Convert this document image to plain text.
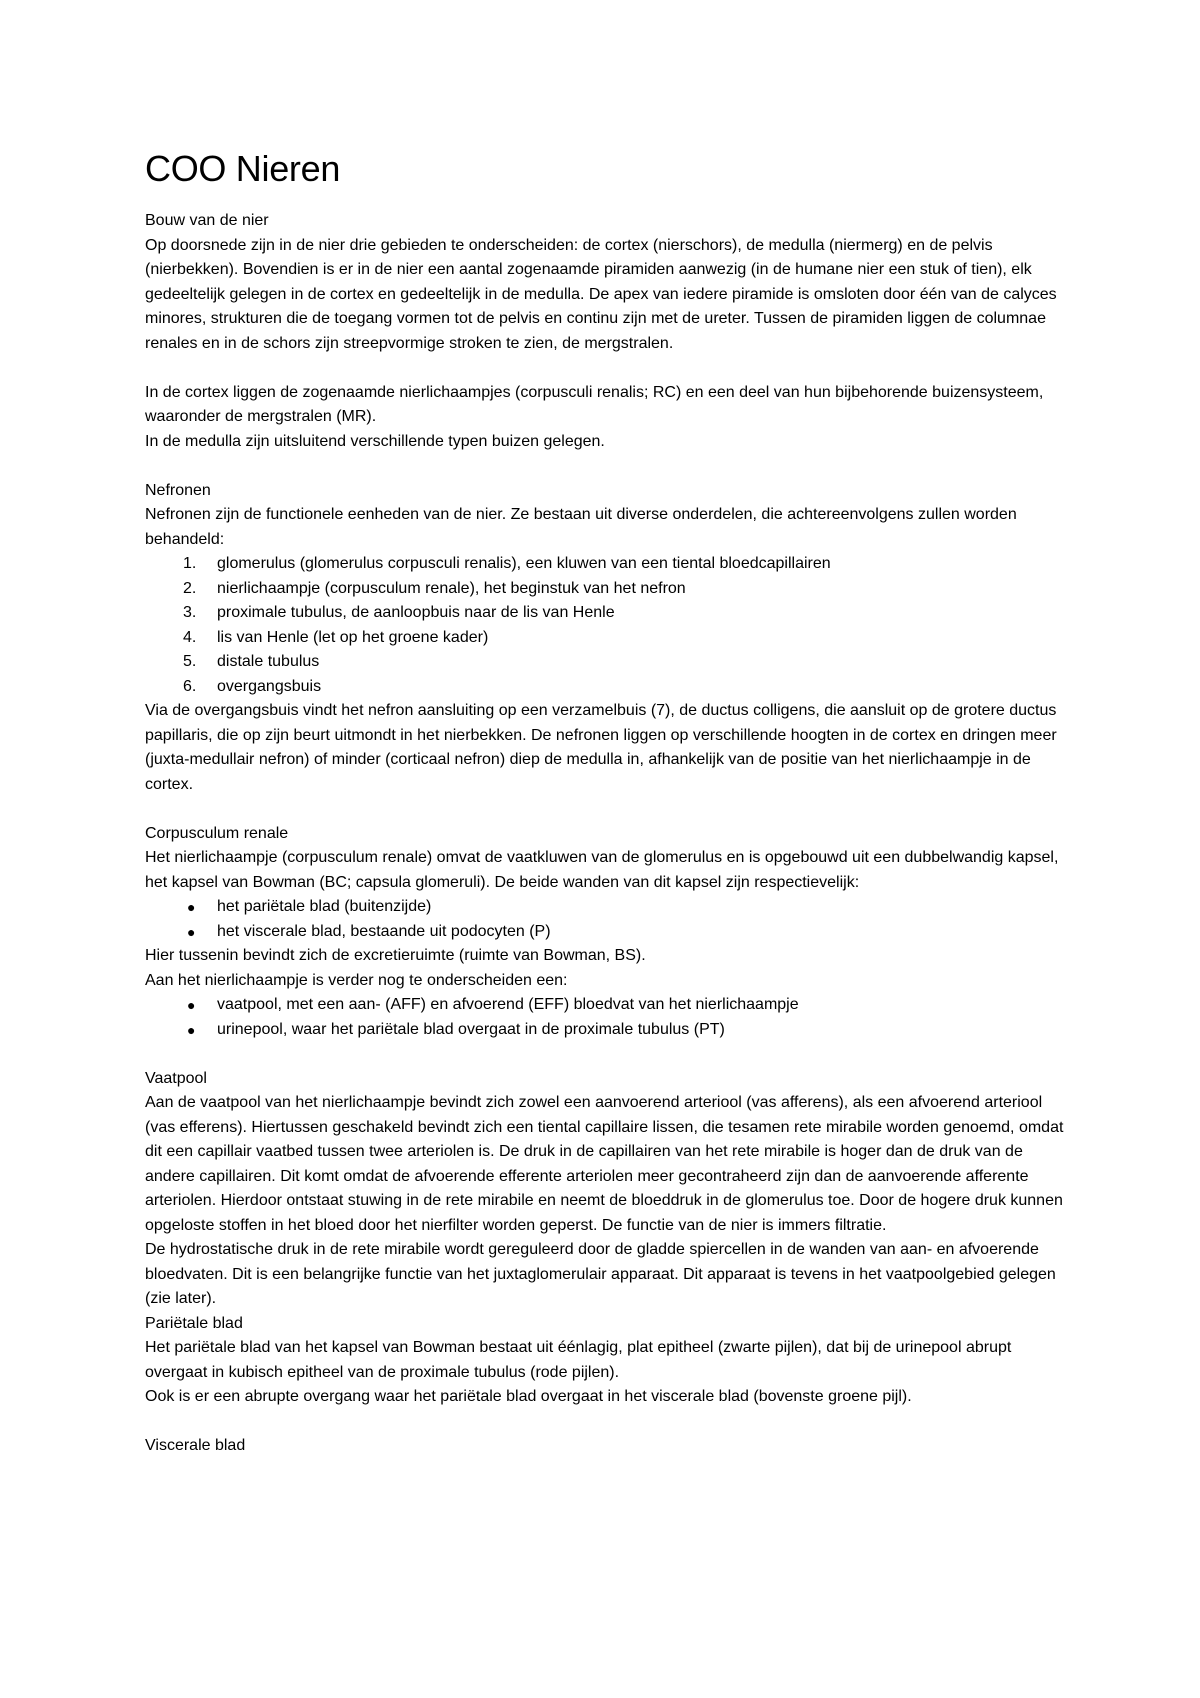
COO Nieren

Bouw van de nier

Op doorsnede zijn in de nier drie gebieden te onderscheiden: de cortex (nierschors), de medulla (niermerg) en de pelvis (nierbekken). Bovendien is er in de nier een aantal zogenaamde piramiden aanwezig (in de humane nier een stuk of tien), elk gedeeltelijk gelegen in de cortex en gedeeltelijk in de medulla. De apex van iedere piramide is omsloten door één van de calyces minores, strukturen die de toegang vormen tot de pelvis en continu zijn met de ureter. Tussen de piramiden liggen de columnae renales en in de schors zijn streepvormige stroken te zien, de mergstralen.

In de cortex liggen de zogenaamde nierlichaampjes (corpusculi renalis; RC) en een deel van hun bijbehorende buizensysteem, waaronder de mergstralen (MR).

In de medulla zijn uitsluitend verschillende typen buizen gelegen.

Nefronen

Nefronen zijn de functionele eenheden van de nier. Ze bestaan uit diverse onderdelen, die achtereenvolgens zullen worden behandeld:

1.	glomerulus (glomerulus corpusculi renalis), een kluwen van een tiental bloedcapillairen
2.	nierlichaampje (corpusculum renale), het beginstuk van het nefron
3.	proximale tubulus, de aanloopbuis naar de lis van Henle
4.	lis van Henle (let op het groene kader)
5.	distale tubulus
6.	overgangsbuis

Via de overgangsbuis vindt het nefron aansluiting op een verzamelbuis (7), de ductus colligens, die aansluit op de grotere ductus papillaris, die op zijn beurt uitmondt in het nierbekken. De nefronen liggen op verschillende hoogten in de cortex en dringen meer (juxta-medullair nefron) of minder (corticaal nefron) diep de medulla in, afhankelijk van de positie van het nierlichaampje in de cortex.

Corpusculum renale

Het nierlichaampje (corpusculum renale) omvat de vaatkluwen van de glomerulus en is opgebouwd uit een dubbelwandig kapsel, het kapsel van Bowman (BC; capsula glomeruli). De beide wanden van dit kapsel zijn respectievelijk:

● het pariëtale blad (buitenzijde)
● het viscerale blad, bestaande uit podocyten (P)

Hier tussenin bevindt zich de excretieruimte (ruimte van Bowman, BS).

Aan het nierlichaampje is verder nog te onderscheiden een:

● vaatpool, met een aan- (AFF) en afvoerend (EFF) bloedvat van het nierlichaampje
● urinepool, waar het pariëtale blad overgaat in de proximale tubulus (PT)

Vaatpool

Aan de vaatpool van het nierlichaampje bevindt zich zowel een aanvoerend arteriool (vas afferens), als een afvoerend arteriool (vas efferens). Hiertussen geschakeld bevindt zich een tiental capillaire lissen, die tesamen rete mirabile worden genoemd, omdat dit een capillair vaatbed tussen twee arteriolen is. De druk in de capillairen van het rete mirabile is hoger dan de druk van de andere capillairen. Dit komt omdat de afvoerende efferente arteriolen meer gecontraheerd zijn dan de aanvoerende afferente arteriolen. Hierdoor ontstaat stuwing in de rete mirabile en neemt de bloeddruk in de glomerulus toe. Door de hogere druk kunnen opgeloste stoffen in het bloed door het nierfilter worden geperst. De functie van de nier is immers filtratie.

De hydrostatische druk in de rete mirabile wordt gereguleerd door de gladde spiercellen in de wanden van aan- en afvoerende bloedvaten. Dit is een belangrijke functie van het juxtaglomerulair apparaat. Dit apparaat is tevens in het vaatpoolgebied gelegen (zie later).

Pariëtale blad

Het pariëtale blad van het kapsel van Bowman bestaat uit éénlagig, plat epitheel (zwarte pijlen), dat bij de urinepool abrupt overgaat in kubisch epitheel van de proximale tubulus (rode pijlen).

Ook is er een abrupte overgang waar het pariëtale blad overgaat in het viscerale blad (bovenste groene pijl).

Viscerale blad
